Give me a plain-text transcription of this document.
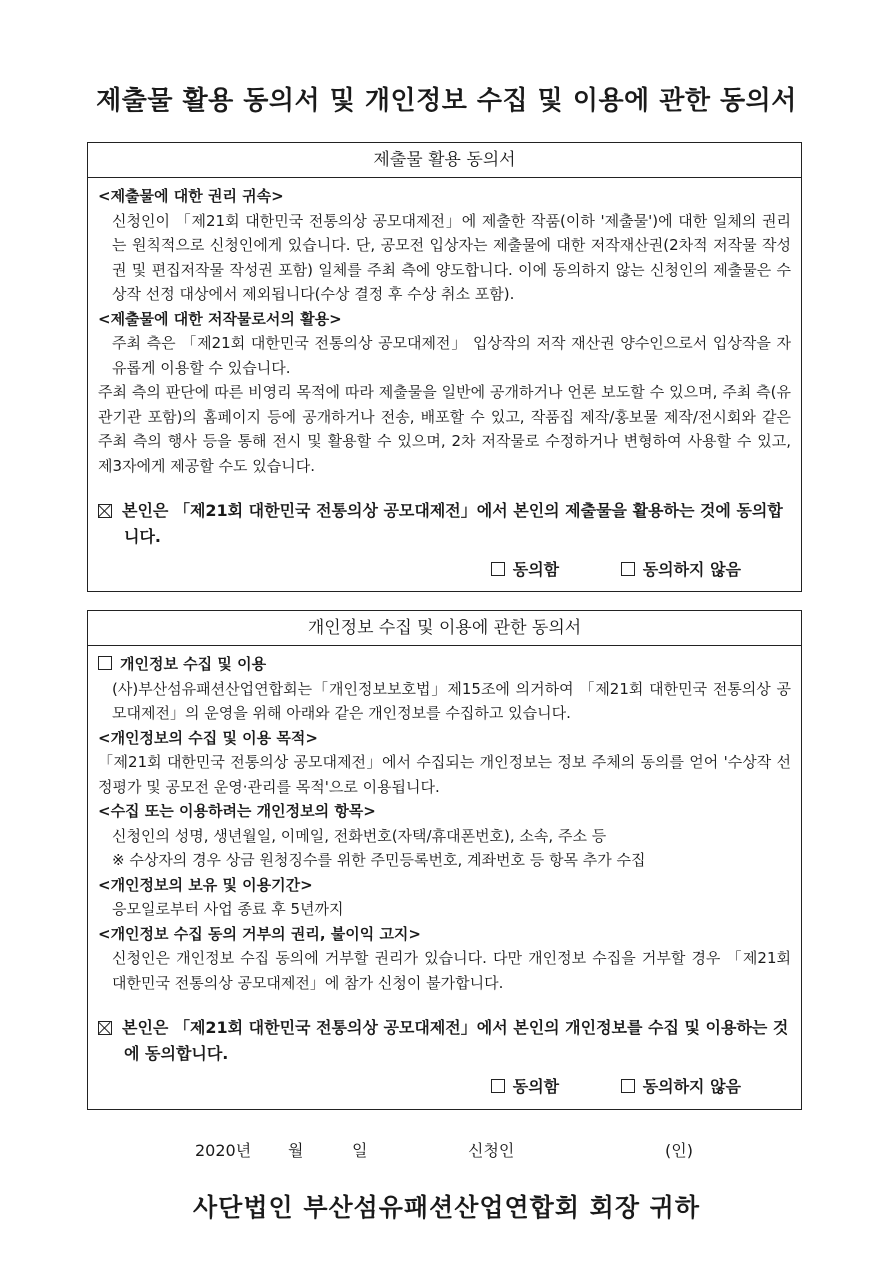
제출물 활용 동의서 및 개인정보 수집 및 이용에 관한 동의서
제출물 활용 동의서
<제출물에 대한 권리 귀속>
신청인이 「제21회 대한민국 전통의상 공모대제전」에 제출한 작품(이하 '제출물')에 대한 일체의 권리는 원칙적으로 신청인에게 있습니다. 단, 공모전 입상자는 제출물에 대한 저작재산권(2차적 저작물 작성권 및 편집저작물 작성권 포함) 일체를 주최 측에 양도합니다. 이에 동의하지 않는 신청인의 제출물은 수상작 선정 대상에서 제외됩니다(수상 결정 후 수상 취소 포함).
<제출물에 대한 저작물로서의 활용>
주최 측은 「제21회 대한민국 전통의상 공모대제전」 입상작의 저작 재산권 양수인으로서 입상작을 자유롭게 이용할 수 있습니다.
주최 측의 판단에 따른 비영리 목적에 따라 제출물을 일반에 공개하거나 언론 보도할 수 있으며, 주최 측(유관기관 포함)의 홈페이지 등에 공개하거나 전송, 배포할 수 있고, 작품집 제작/홍보물 제작/전시회와 같은 주최 측의 행사 등을 통해 전시 및 활용할 수 있으며, 2차 저작물로 수정하거나 변형하여 사용할 수 있고, 제3자에게 제공할 수도 있습니다.
본인은 「제21회 대한민국 전통의상 공모대제전」에서 본인의 제출물을 활용하는 것에 동의합니다.
동의함	동의하지 않음
개인정보 수집 및 이용에 관한 동의서
개인정보 수집 및 이용
(사)부산섬유패션산업연합회는「개인정보보호법」제15조에 의거하여 「제21회 대한민국 전통의상 공모대제전」의 운영을 위해 아래와 같은 개인정보를 수집하고 있습니다.
<개인정보의 수집 및 이용 목적>
「제21회 대한민국 전통의상 공모대제전」에서 수집되는 개인정보는 정보 주체의 동의를 얻어 '수상작 선정평가 및 공모전 운영·관리를 목적'으로 이용됩니다.
<수집 또는 이용하려는 개인정보의 항목>
신청인의 성명, 생년월일, 이메일, 전화번호(자택/휴대폰번호), 소속, 주소 등
※ 수상자의 경우 상금 원청징수를 위한 주민등록번호, 계좌번호 등 항목 추가 수집
<개인정보의 보유 및 이용기간>
응모일로부터 사업 종료 후 5년까지
<개인정보 수집 동의 거부의 권리, 불이익 고지>
신청인은 개인정보 수집 동의에 거부할 권리가 있습니다. 다만 개인정보 수집을 거부할 경우 「제21회 대한민국 전통의상 공모대제전」에 참가 신청이 불가합니다.
본인은 「제21회 대한민국 전통의상 공모대제전」에서 본인의 개인정보를 수집 및 이용하는 것에 동의합니다.
동의함	동의하지 않음
2020년 월	일	신청인	(인)
사단법인 부산섬유패션산업연합회 회장 귀하
